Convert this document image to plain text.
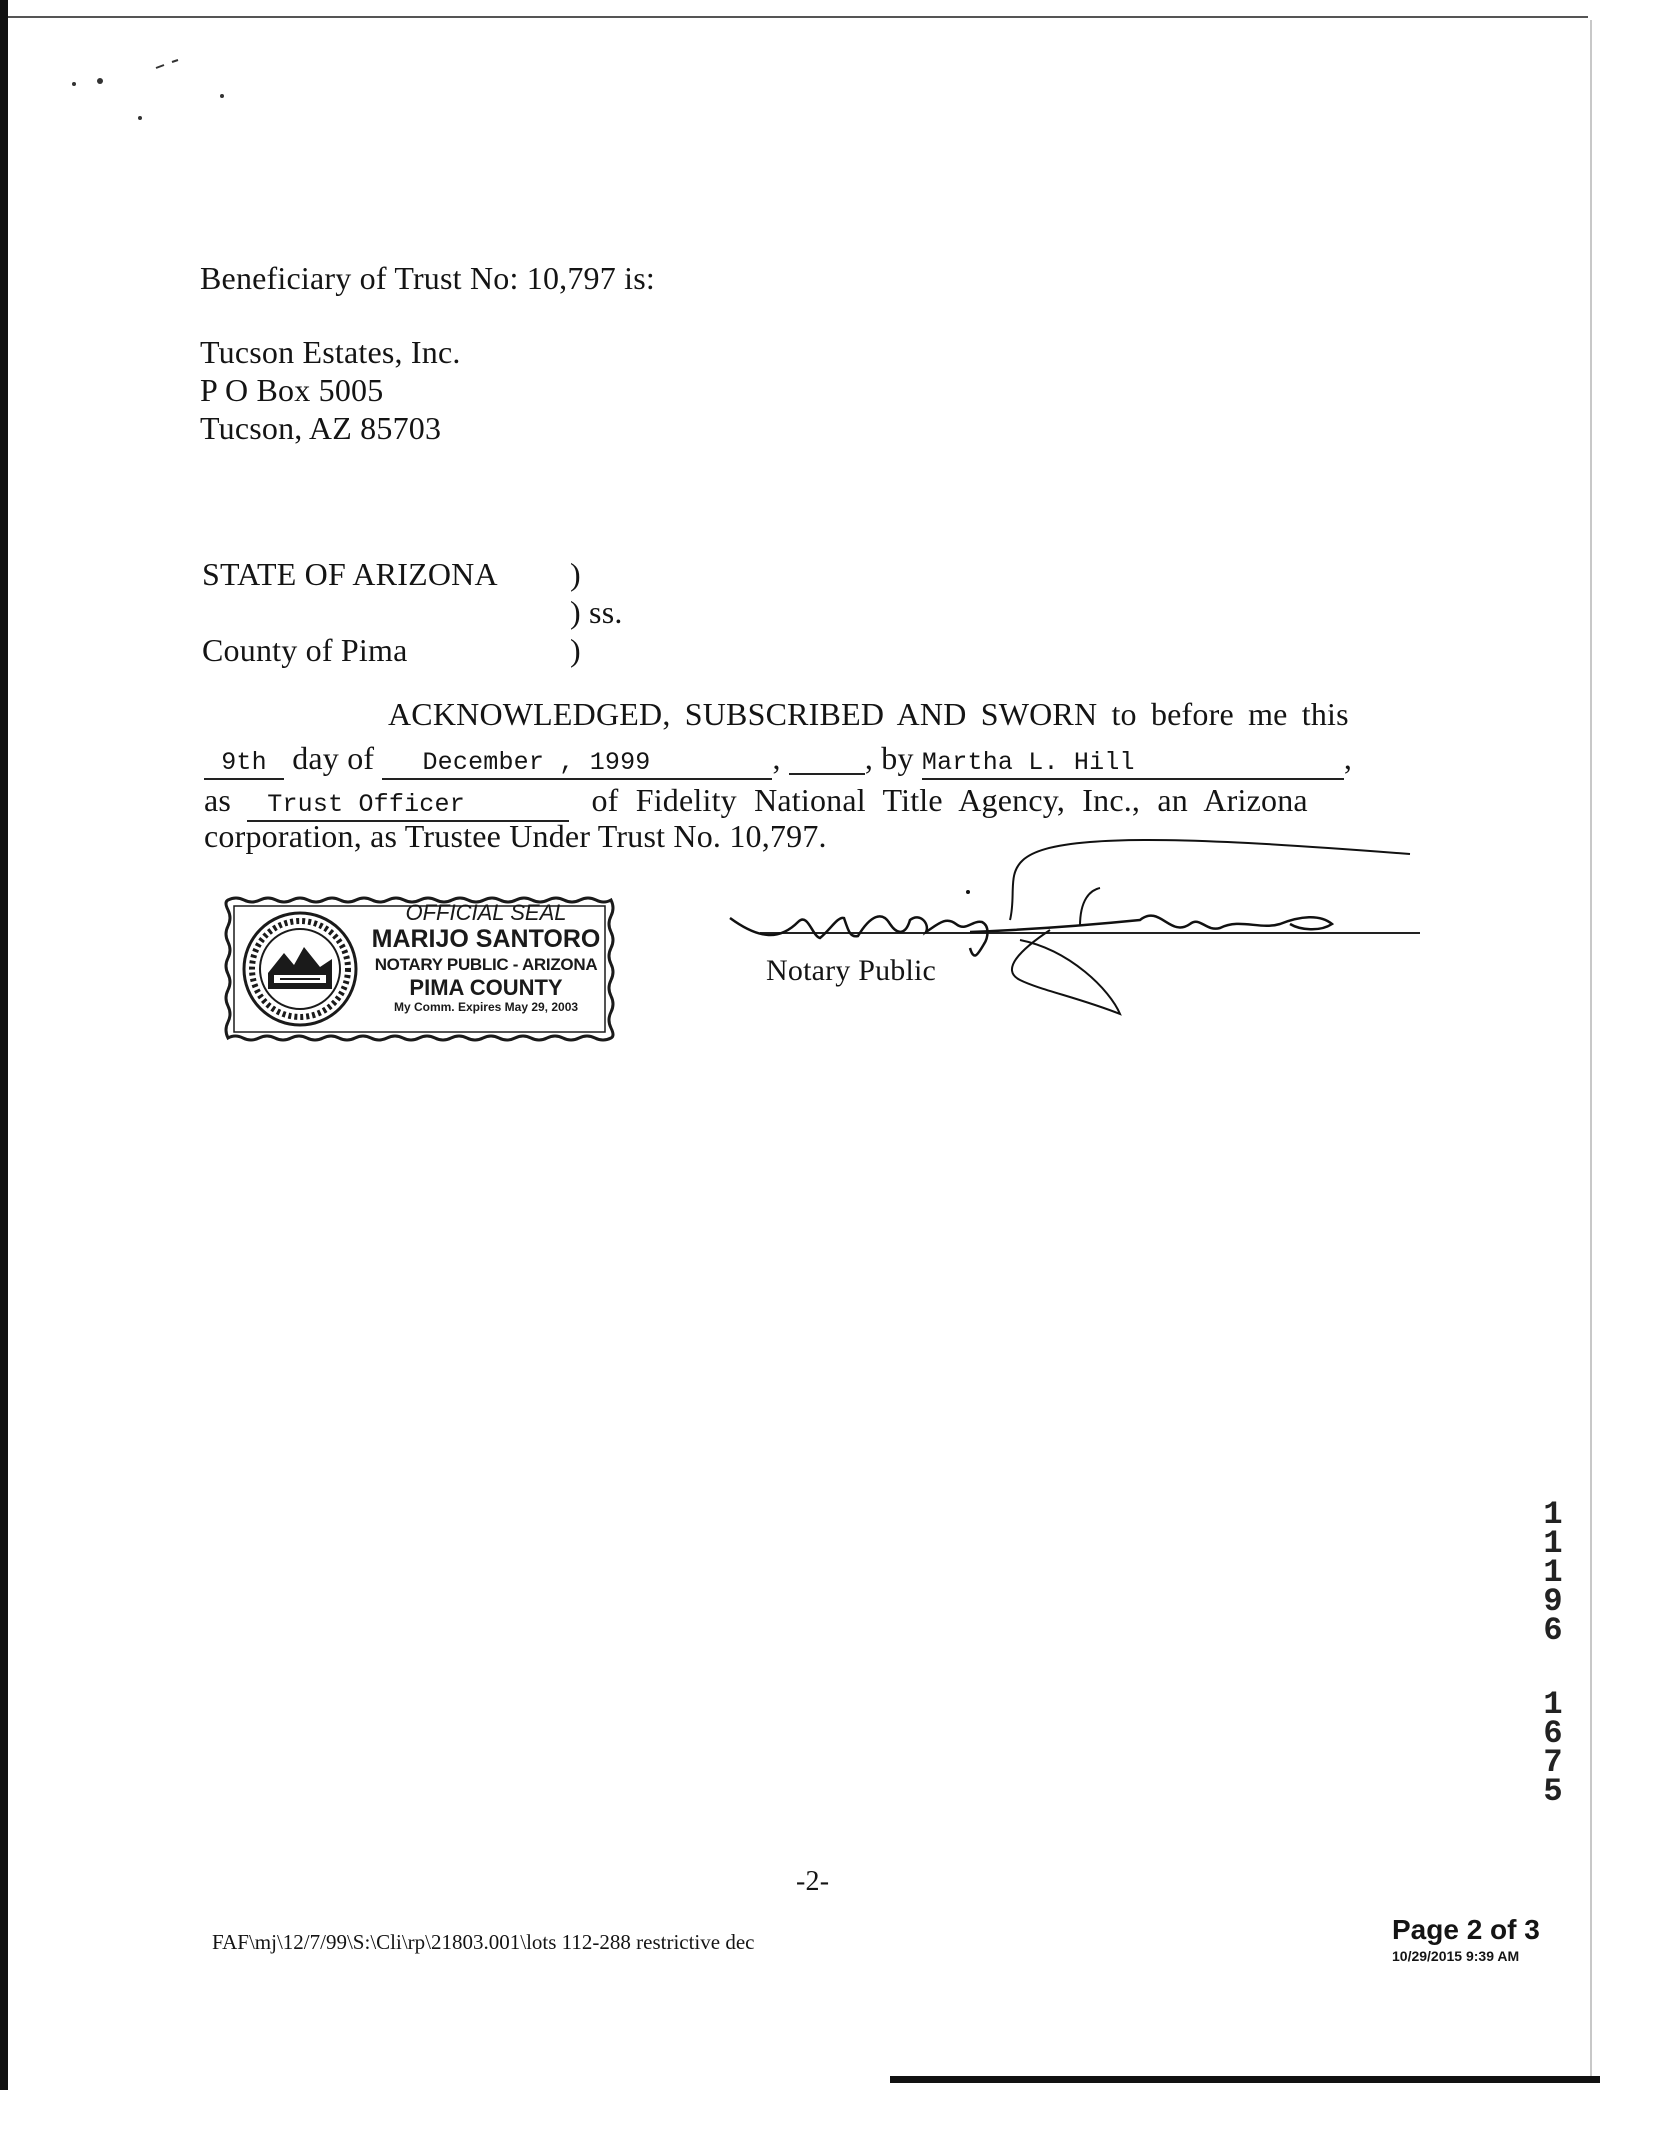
Beneficiary of Trust No: 10,797 is:
Tucson Estates, Inc.
P O Box 5005
Tucson, AZ 85703
STATE OF ARIZONA )
) ss.
County of Pima	)
ACKNOWLEDGED, SUBSCRIBED AND SWORN to before me this
9th day of December , 1999	,	, by Martha L. Hill	,
as Trust Officer	of Fidelity National Title Agency, Inc., an Arizona
corporation, as Trustee Under Trust No. 10,797.
OFFICIAL SEAL
MARIJO SANTORO
NOTARY PUBLIC - ARIZONA
PIMA COUNTY
My Comm. Expires May 29, 2003
Notary Public
1
1
1
9
6
1
6
7
5
-2-
FAF\mj\12/7/99\S:\Cli\rp\21803.001\lots 112-288 restrictive dec	Page 2 of 3
10/29/2015 9:39 AM
